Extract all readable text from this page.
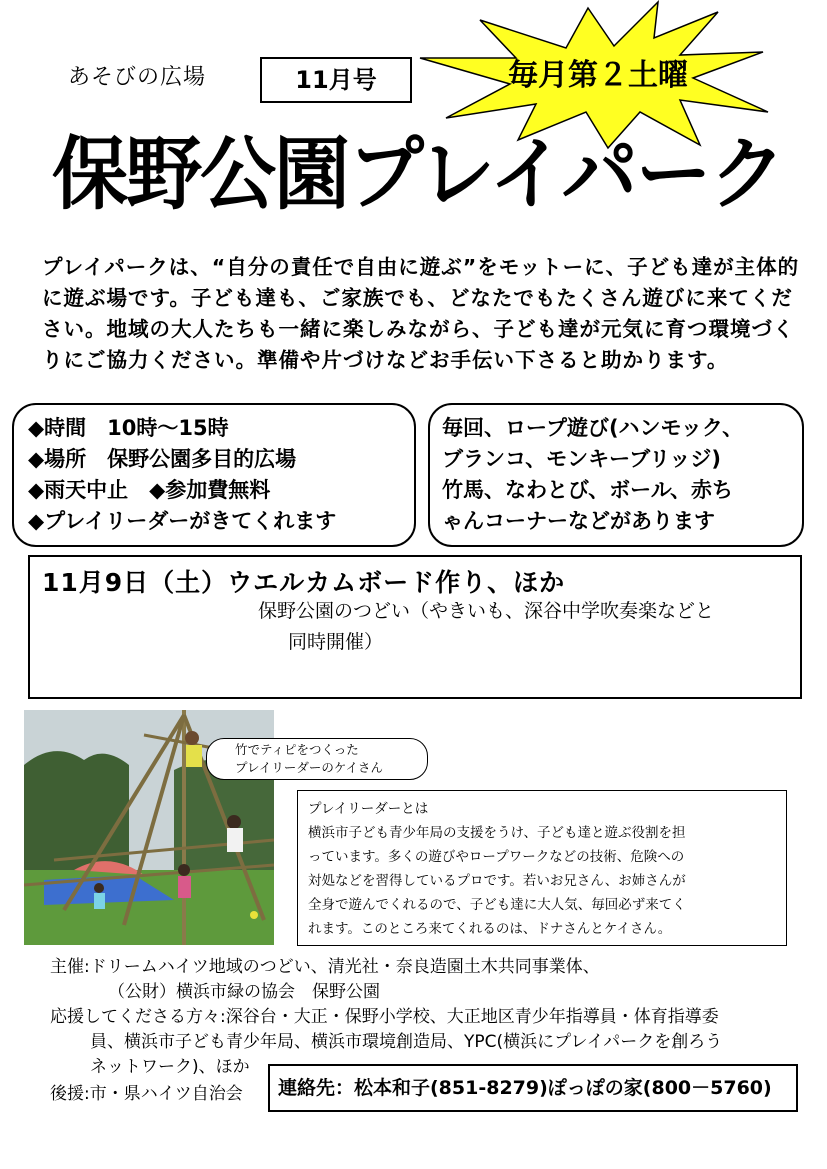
あそびの広場	11月号	毎月第２土曜
保野公園プレイパーク
プレイパークは、“自分の責任で自由に遊ぶ”をモットーに、子ども達が主体的に遊ぶ場です。子ども達も、ご家族でも、どなたでもたくさん遊びに来てください。地域の大人たちも一緒に楽しみながら、子ども達が元気に育つ環境づくりにご協力ください。準備や片づけなどお手伝い下さると助かります。
◆時間　10時～15時
◆場所　保野公園多目的広場
◆雨天中止　◆参加費無料
◆プレイリーダーがきてくれます

毎回、ロープ遊び(ハンモック、

ブランコ、モンキーブリッジ)

竹馬、なわとび、ボール、赤ち

ゃんコーナーなどがあります

11月9日（土）ウエルカムボード作り、ほか
保野公園のつどい（やきいも、深谷中学吹奏楽などと
同時開催）
竹でティピをつくった
プレイリーダーのケイさん
プレイリーダーとは
横浜市子ども青少年局の支援をうけ、子ども達と遊ぶ役割を担
っています。多くの遊びやロープワークなどの技術、危険への
対処などを習得しているプロです。若いお兄さん、お姉さんが
全身で遊んでくれるので、子ども達に大人気、毎回必ず来てく
れます。このところ来てくれるのは、ドナさんとケイさん。
主催:ドリームハイツ地域のつどい、清光社・奈良造園土木共同事業体、
（公財）横浜市緑の協会　保野公園
応援してくださる方々:深谷台・大正・保野小学校、大正地区青少年指導員・体育指導委
員、横浜市子ども青少年局、横浜市環境創造局、YPC(横浜にプレイパークを創ろう
ネットワーク)、ほか
後援:市・県ハイツ自治会	連絡先：松本和子(851-8279)ぽっぽの家(800－5760)
